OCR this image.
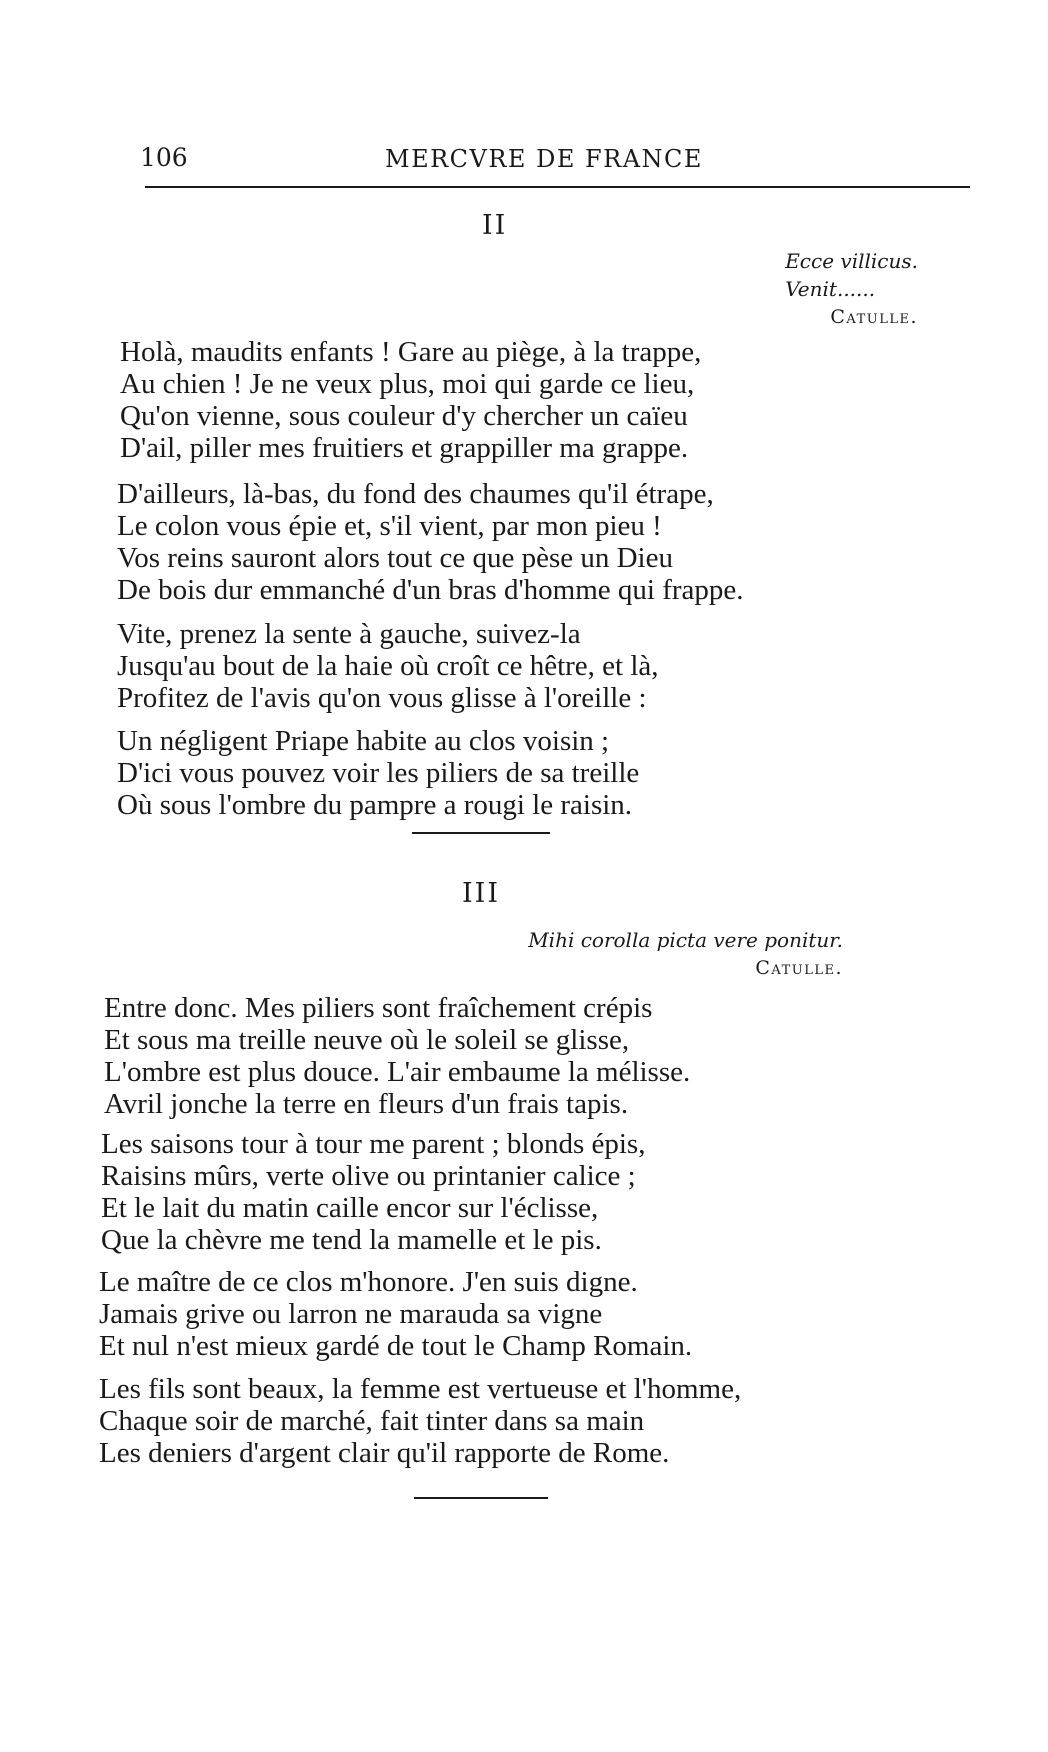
106	MERCVRE DE FRANCE
II
Ecce villicus.
Venit......
Catulle.
Holà, maudits enfants ! Gare au piège, à la trappe,
Au chien ! Je ne veux plus, moi qui garde ce lieu,
Qu'on vienne, sous couleur d'y chercher un caïeu
D'ail, piller mes fruitiers et grappiller ma grappe.
D'ailleurs, là-bas, du fond des chaumes qu'il étrape,
Le colon vous épie et, s'il vient, par mon pieu !
Vos reins sauront alors tout ce que pèse un Dieu
De bois dur emmanché d'un bras d'homme qui frappe.
Vite, prenez la sente à gauche, suivez-la
Jusqu'au bout de la haie où croît ce hêtre, et là,
Profitez de l'avis qu'on vous glisse à l'oreille :
Un négligent Priape habite au clos voisin ;
D'ici vous pouvez voir les piliers de sa treille
Où sous l'ombre du pampre a rougi le raisin.
III
Mihi corolla picta vere ponitur.
Catulle.
Entre donc. Mes piliers sont fraîchement crépis
Et sous ma treille neuve où le soleil se glisse,
L'ombre est plus douce. L'air embaume la mélisse.
Avril jonche la terre en fleurs d'un frais tapis.
Les saisons tour à tour me parent ; blonds épis,
Raisins mûrs, verte olive ou printanier calice ;
Et le lait du matin caille encor sur l'éclisse,
Que la chèvre me tend la mamelle et le pis.
Le maître de ce clos m'honore. J'en suis digne.
Jamais grive ou larron ne marauda sa vigne
Et nul n'est mieux gardé de tout le Champ Romain.
Les fils sont beaux, la femme est vertueuse et l'homme,
Chaque soir de marché, fait tinter dans sa main
Les deniers d'argent clair qu'il rapporte de Rome.
